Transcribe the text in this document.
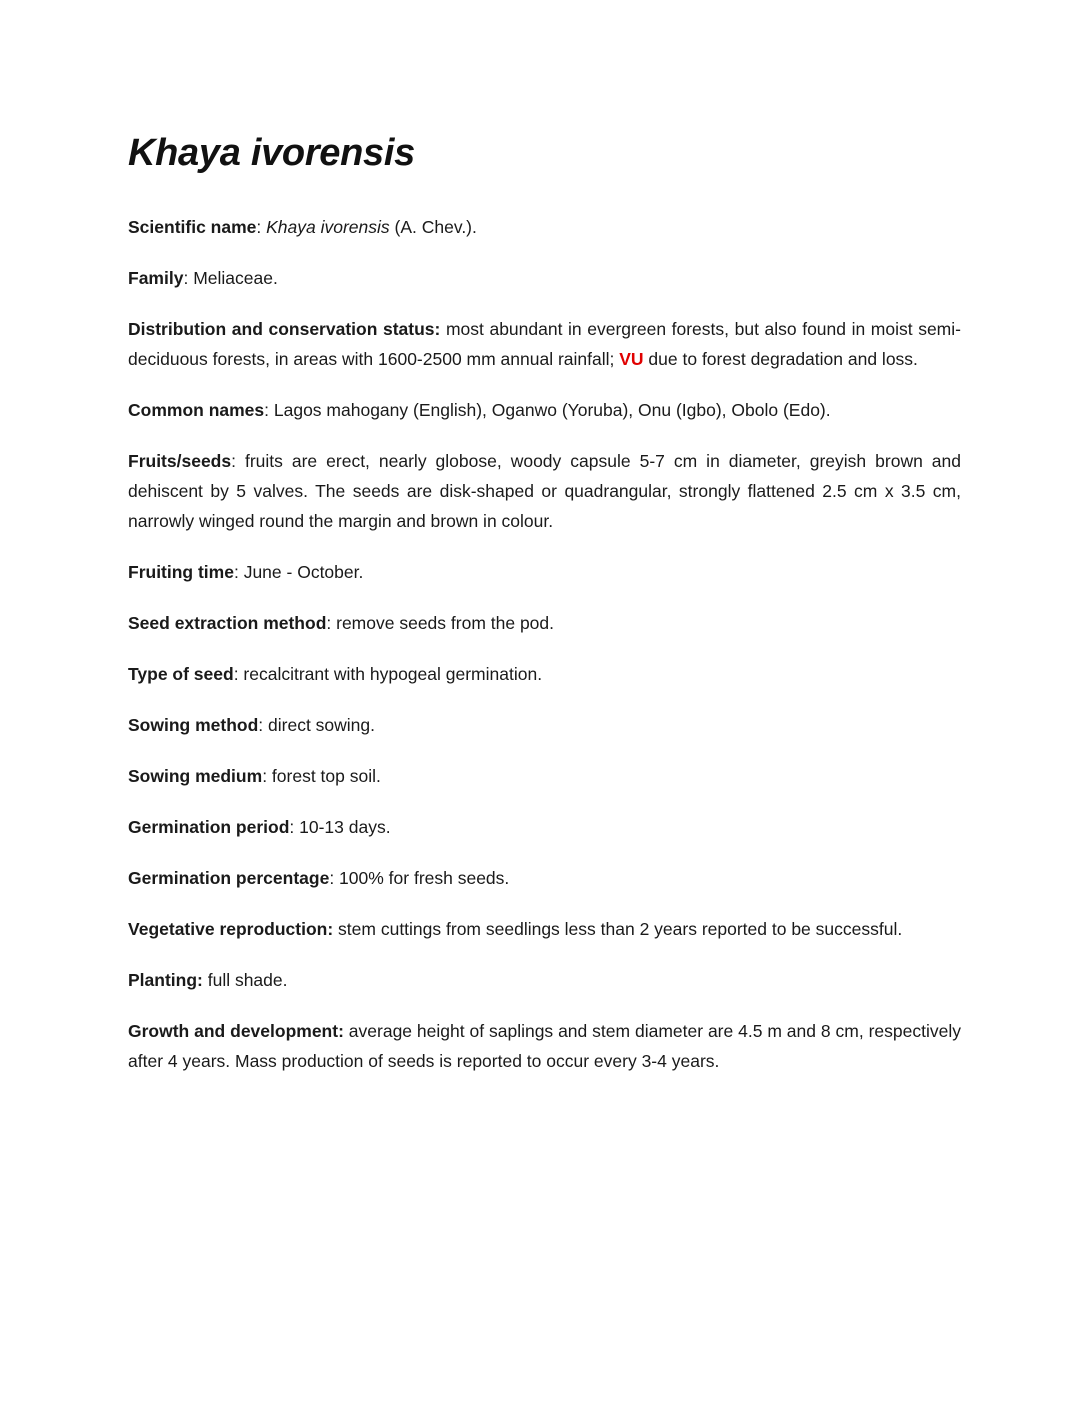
Khaya ivorensis

Scientific name: Khaya ivorensis (A. Chev.).

Family: Meliaceae.

Distribution and conservation status: most abundant in evergreen forests, but also found in moist semi-deciduous forests, in areas with 1600-2500 mm annual rainfall; VU due to forest degradation and loss.

Common names: Lagos mahogany (English), Oganwo (Yoruba), Onu (Igbo), Obolo (Edo).

Fruits/seeds: fruits are erect, nearly globose, woody capsule 5-7 cm in diameter, greyish brown and dehiscent by 5 valves. The seeds are disk-shaped or quadrangular, strongly flattened 2.5 cm x 3.5 cm, narrowly winged round the margin and brown in colour.

Fruiting time: June - October.

Seed extraction method: remove seeds from the pod.

Type of seed: recalcitrant with hypogeal germination.

Sowing method: direct sowing.

Sowing medium: forest top soil.

Germination period: 10-13 days.

Germination percentage: 100% for fresh seeds.

Vegetative reproduction: stem cuttings from seedlings less than 2 years reported to be successful.

Planting: full shade.

Growth and development: average height of saplings and stem diameter are 4.5 m and 8 cm, respectively after 4 years. Mass production of seeds is reported to occur every 3-4 years.
